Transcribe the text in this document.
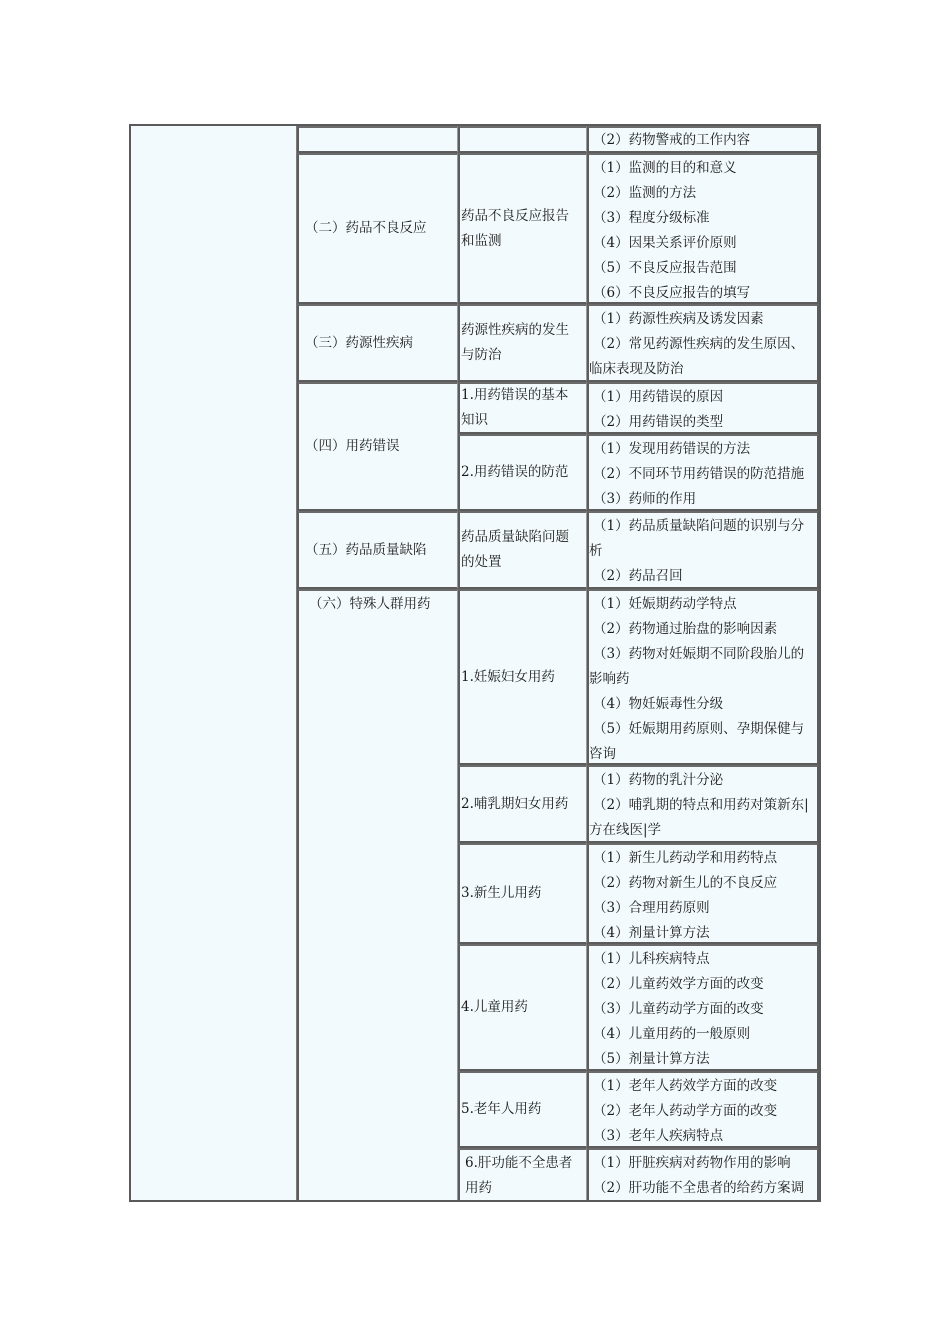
（2）药物警戒的工作内容
（二）药品不良反应
药品不良反应报告
和监测
（1）监测的目的和意义
（2）监测的方法
（3）程度分级标准
（4）因果关系评价原则
（5）不良反应报告范围
（6）不良反应报告的填写
（三）药源性疾病
药源性疾病的发生
与防治
（1）药源性疾病及诱发因素
（2）常见药源性疾病的发生原因、
临床表现及防治
（四）用药错误
1.用药错误的基本
知识
（1）用药错误的原因
（2）用药错误的类型
2.用药错误的防范
（1）发现用药错误的方法
（2）不同环节用药错误的防范措施
（3）药师的作用
（五）药品质量缺陷
药品质量缺陷问题
的处置
（1）药品质量缺陷问题的识别与分
析
（2）药品召回
（六）特殊人群用药
1.妊娠妇女用药
（1）妊娠期药动学特点
（2）药物通过胎盘的影响因素
（3）药物对妊娠期不同阶段胎儿的
影响药
（4）物妊娠毒性分级
（5）妊娠期用药原则、孕期保健与
咨询
2.哺乳期妇女用药
（1）药物的乳汁分泌
（2）哺乳期的特点和用药对策新东|
方在线医|学
3.新生儿用药
（1）新生儿药动学和用药特点
（2）药物对新生儿的不良反应
（3）合理用药原则
（4）剂量计算方法
4.儿童用药
（1）儿科疾病特点
（2）儿童药效学方面的改变
（3）儿童药动学方面的改变
（4）儿童用药的一般原则
（5）剂量计算方法
5.老年人用药
（1）老年人药效学方面的改变
（2）老年人药动学方面的改变
（3）老年人疾病特点
6.肝功能不全患者
用药
（1）肝脏疾病对药物作用的影响
（2）肝功能不全患者的给药方案调
